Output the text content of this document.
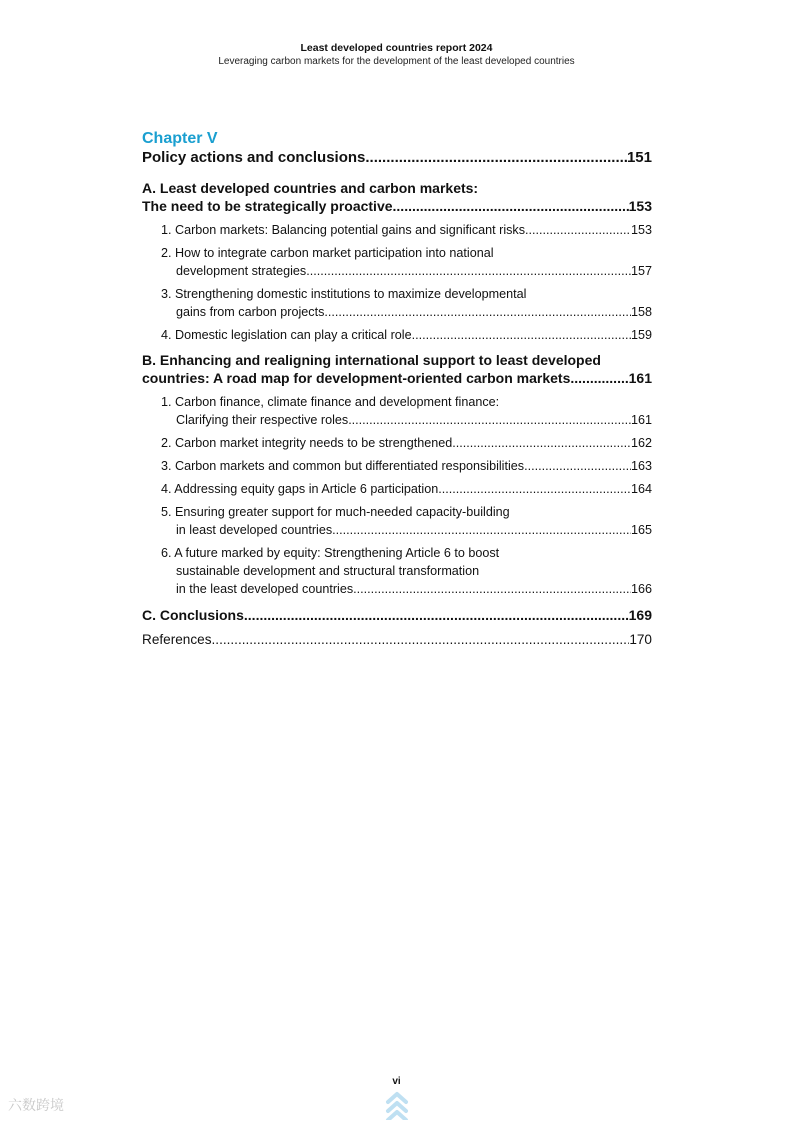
Least developed countries report 2024
Leveraging carbon markets for the development of the least developed countries
Chapter V
Policy actions and conclusions .....	151
A. Least developed countries and carbon markets:
The need to be strategically proactive .....	153
1. Carbon markets: Balancing potential gains and significant risks .....	153
2. How to integrate carbon market participation into national
development strategies .....	157
3. Strengthening domestic institutions to maximize developmental
gains from carbon projects .....	158
4. Domestic legislation can play a critical role .....	159
B. Enhancing and realigning international support to least developed
countries: A road map for development-oriented carbon markets .....	161
1. Carbon finance, climate finance and development finance:
Clarifying their respective roles .....	161
2. Carbon market integrity needs to be strengthened .....	162
3. Carbon markets and common but differentiated responsibilities .....	163
4. Addressing equity gaps in Article 6 participation .....	164
5. Ensuring greater support for much-needed capacity-building
in least developed countries .....	165
6. A future marked by equity: Strengthening Article 6 to boost
sustainable development and structural transformation
in the least developed countries .....	166
C. Conclusions .....	169
References .....	170
vi
六数跨境
